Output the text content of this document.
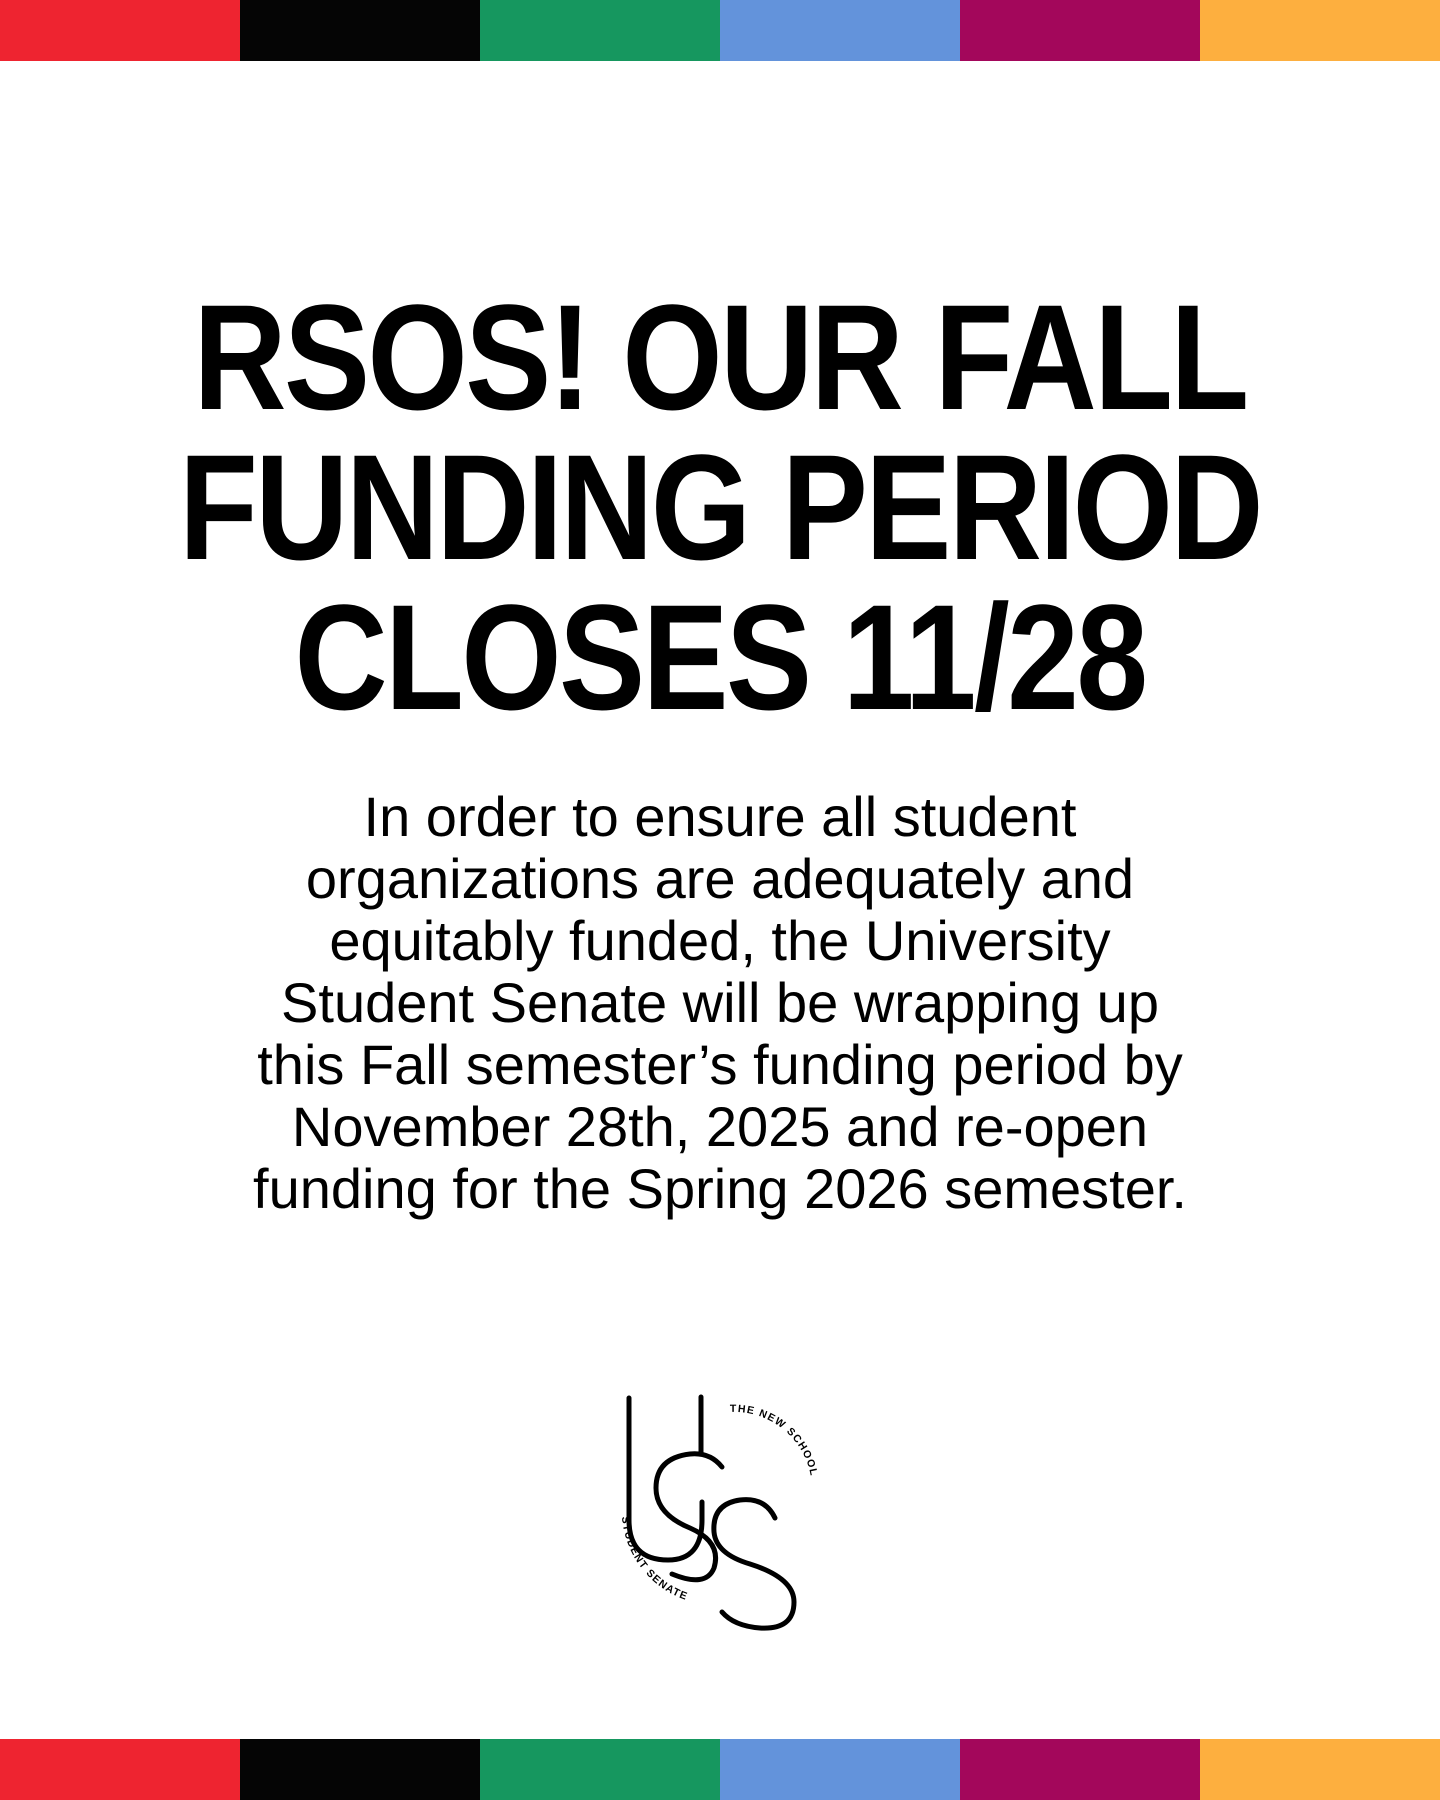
RSOS! OUR FALL
FUNDING PERIOD
CLOSES 11/28

In order to ensure all student
organizations are adequately and
equitably funded, the University
Student Senate will be wrapping up
this Fall semester’s funding period by
November 28th, 2025 and re-open
funding for the Spring 2026 semester.

THE NEW SCHOOL
STUDENT SENATE
